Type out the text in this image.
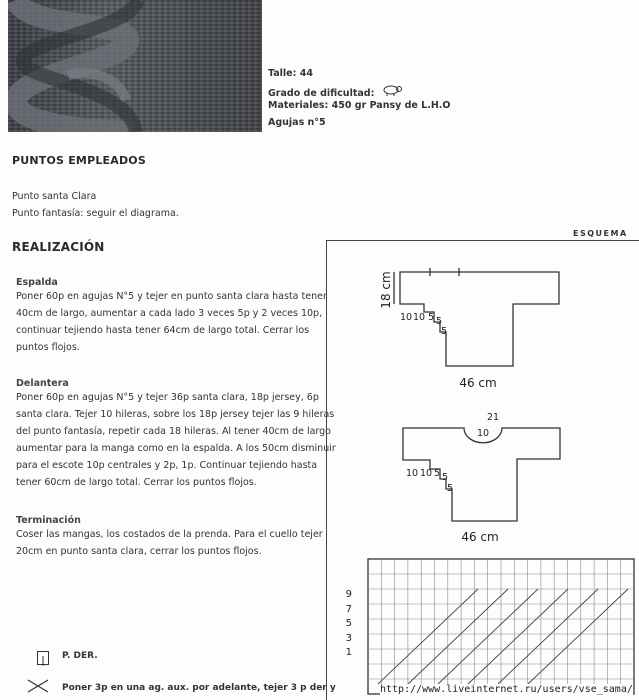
Talle: 44
Grado de dificultad:
Materiales: 450 gr Pansy de L.H.O
Agujas n°5
PUNTOS EMPLEADOS

Punto santa Clara

Punto fantasía: seguir el diagrama.

REALIZACIÓN
Espalda

Poner 60p en agujas N°5 y tejer en punto santa clara hasta tener

40cm de largo, aumentar a cada lado 3 veces 5p y 2 veces 10p,

continuar tejiendo hasta tener 64cm de largo total. Cerrar los

puntos flojos.

Delantera

Poner 60p en agujas N°5 y tejer 36p santa clara, 18p jersey, 6p

santa clara. Tejer 10 hileras, sobre los 18p jersey tejer las 9 hileras

del punto fantasía, repetir cada 18 hileras. Al tener 40cm de largo

aumentar para la manga como en la espalda. A los 50cm disminuir

para el escote 10p centrales y 2p, 1p. Continuar tejiendo hasta

tener 60cm de largo total. Cerrar los puntos flojos.

Terminación

Coser las mangas, los costados de la prenda. Para el cuello tejer

20cm en punto santa clara, cerrar los puntos flojos.

ESQUEMA
18 cm
10 10 5 5
5
46 cm
21
10
10 10 5 5
5
46 cm
9
7
5
3
1
P. DER.
Poner 3p en una ag. aux. por adelante, tejer 3 p der y	http://www.liveinternet.ru/users/vse_sama/
